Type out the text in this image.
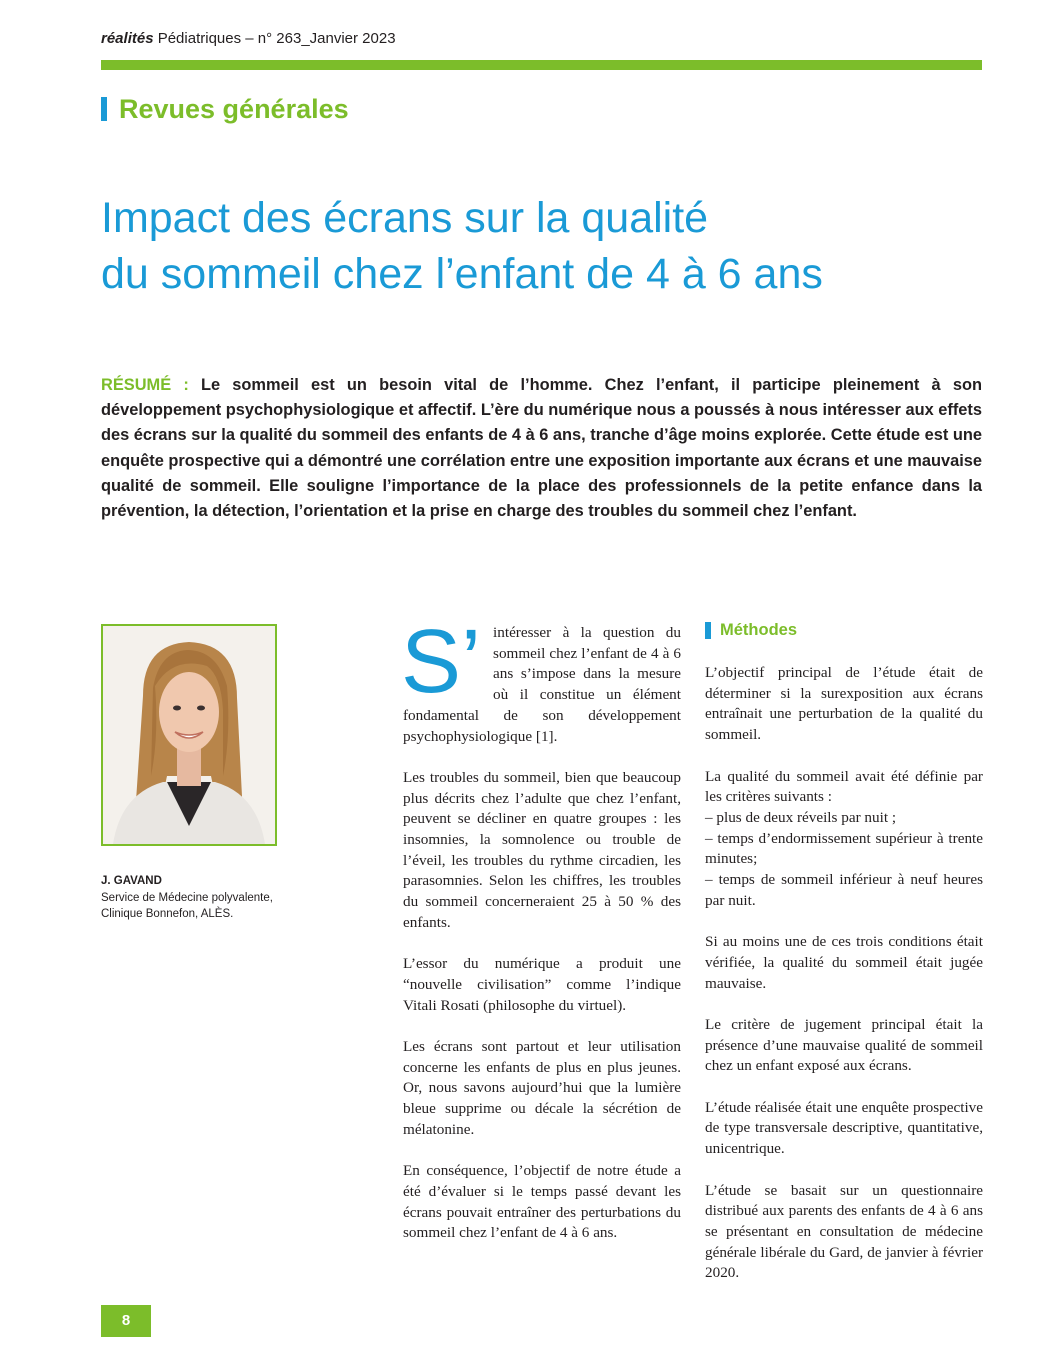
réalités Pédiatriques – n° 263_Janvier 2023
Revues générales
Impact des écrans sur la qualité
du sommeil chez l’enfant de 4 à 6 ans
RÉSUMÉ : Le sommeil est un besoin vital de l’homme. Chez l’enfant, il participe pleinement à son développement psychophysiologique et affectif. L’ère du numérique nous a poussés à nous intéresser aux effets des écrans sur la qualité du sommeil des enfants de 4 à 6 ans, tranche d’âge moins explorée. Cette étude est une enquête prospective qui a démontré une corrélation entre une exposition importante aux écrans et une mauvaise qualité de sommeil. Elle souligne l’importance de la place des professionnels de la petite enfance dans la prévention, la détection, l’orientation et la prise en charge des troubles du sommeil chez l’enfant.
J. GAVAND
Service de Médecine polyvalente,
Clinique Bonnefon, ALÈS.

S’ intéresser à la question du sommeil chez l’enfant de 4 à 6 ans s’impose dans la mesure où il constitue un élément fondamental de son développement psychophysiologique [1].

Les troubles du sommeil, bien que beaucoup plus décrits chez l’adulte que chez l’enfant, peuvent se décliner en quatre groupes : les insomnies, la somnolence ou trouble de l’éveil, les troubles du rythme circadien, les parasomnies. Selon les chiffres, les troubles du sommeil concerneraient 25 à 50 % des enfants.

L’essor du numérique a produit une “nouvelle civilisation” comme l’indique Vitali Rosati (philosophe du virtuel).

Les écrans sont partout et leur utilisation concerne les enfants de plus en plus jeunes. Or, nous savons aujourd’hui que la lumière bleue supprime ou décale la sécrétion de mélatonine.

En conséquence, l’objectif de notre étude a été d’évaluer si le temps passé devant les écrans pouvait entraîner des perturbations du sommeil chez l’enfant de 4 à 6 ans.

Méthodes

L’objectif principal de l’étude était de déterminer si la surexposition aux écrans entraînait une perturbation de la qualité du sommeil.

La qualité du sommeil avait été définie par les critères suivants :
– plus de deux réveils par nuit ;
– temps d’endormissement supérieur à trente minutes;
– temps de sommeil inférieur à neuf heures par nuit.

Si au moins une de ces trois conditions était vérifiée, la qualité du sommeil était jugée mauvaise.

Le critère de jugement principal était la présence d’une mauvaise qualité de sommeil chez un enfant exposé aux écrans.

L’étude réalisée était une enquête prospective de type transversale descriptive, quantitative, unicentrique.

L’étude se basait sur un questionnaire distribué aux parents des enfants de 4 à 6 ans se présentant en consultation de médecine générale libérale du Gard, de janvier à février 2020.

8
